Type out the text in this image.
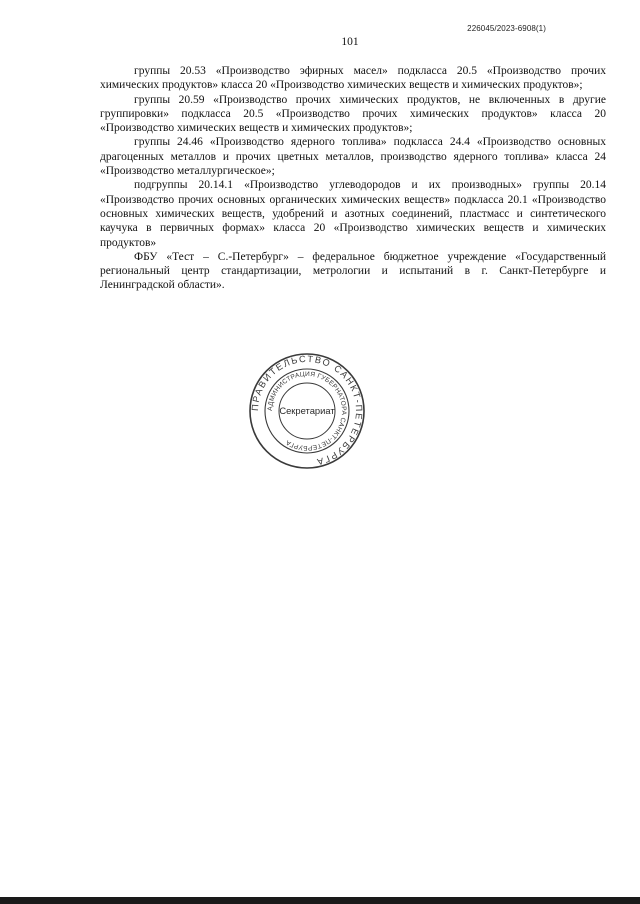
226045/2023-6908(1)
101

группы 20.53 «Производство эфирных масел» подкласса 20.5 «Производство прочих химических продуктов» класса 20 «Производство химических веществ и химических продуктов»;

группы 20.59 «Производство прочих химических продуктов, не включенных в другие группировки» подкласса 20.5 «Производство прочих химических продуктов» класса 20 «Производство химических веществ и химических продуктов»;

группы 24.46 «Производство ядерного топлива» подкласса 24.4 «Производство основных драгоценных металлов и прочих цветных металлов, производство ядерного топлива» класса 24 «Производство металлургическое»;

подгруппы 20.14.1 «Производство углеводородов и их производных» группы 20.14 «Производство прочих основных органических химических веществ» подкласса 20.1 «Производство основных химических веществ, удобрений и азотных соединений, пластмасс и синтетического каучука в первичных формах» класса 20 «Производство химических веществ и химических продуктов»

ФБУ «Тест – С.-Петербург» – федеральное бюджетное учреждение «Государственный региональный центр стандартизации, метрологии и испытаний в г. Санкт-Петербурге и Ленинградской области».

ПРАВИТЕЛЬСТВО САНКТ-ПЕТЕРБУРГА
АДМИНИСТРАЦИЯ ГУБЕРНАТОРА САНКТ-ПЕТЕРБУРГА
Секретариат
